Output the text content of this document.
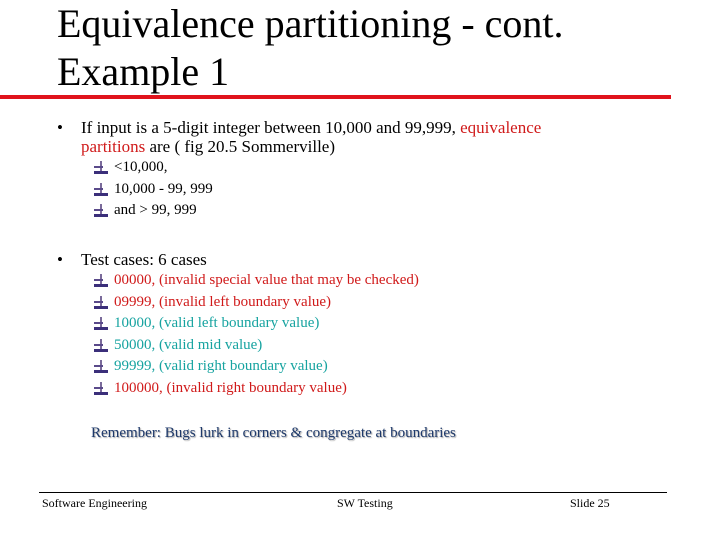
Equivalence partitioning - cont.
Example 1
• If input is a 5-digit integer between 10,000 and 99,999, equivalence
partitions are ( fig 20.5 Sommerville)
<10,000,
10,000 - 99, 999
and > 99, 999
• Test cases: 6 cases
00000, (invalid special value that may be checked)
09999, (invalid left boundary value)
10000, (valid left boundary value)
50000, (valid mid value)
99999, (valid right boundary value)
100000, (invalid right boundary value)
Remember: Bugs lurk in corners & congregate at boundaries
Software Engineering	SW Testing	Slide 25
